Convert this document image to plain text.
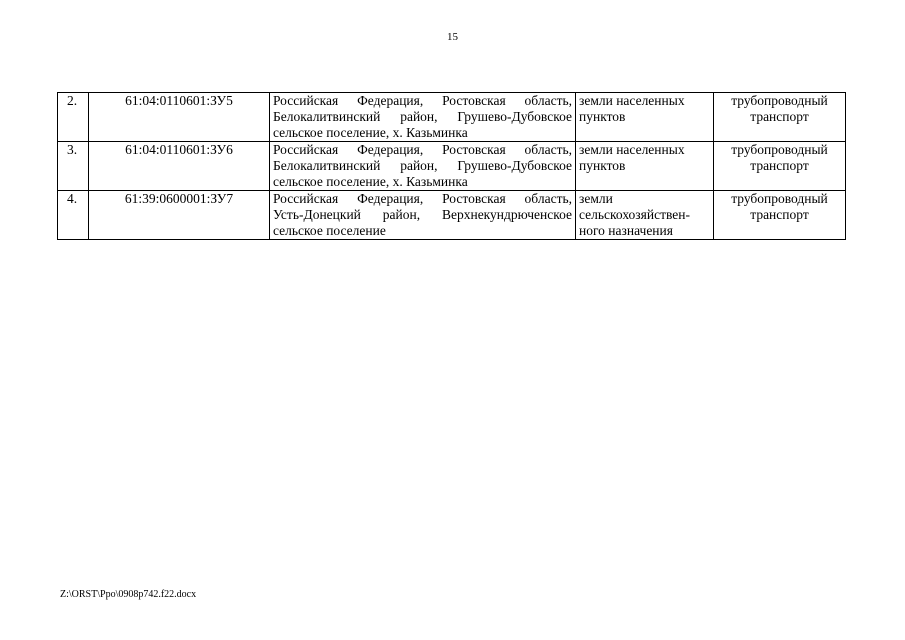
15
2.	61:04:0110601:ЗУ5	Российская Федерация, Ростовская область,
Белокалитвинский район, Грушево-Дубовское
сельское поселение, х. Казьминка	земли населенных
пунктов	трубопроводный
транспорт

3.	61:04:0110601:ЗУ6	Российская Федерация, Ростовская область,
Белокалитвинский район, Грушево-Дубовское
сельское поселение, х. Казьминка	земли населенных
пунктов	трубопроводный
транспорт

4.	61:39:0600001:ЗУ7	Российская Федерация, Ростовская область,
Усть-Донецкий район, Верхнекундрюченское
сельское поселение	земли
сельскохозяйствен-
ного назначения	трубопроводный
транспорт
Z:\ORST\Ppo\0908p742.f22.docx
